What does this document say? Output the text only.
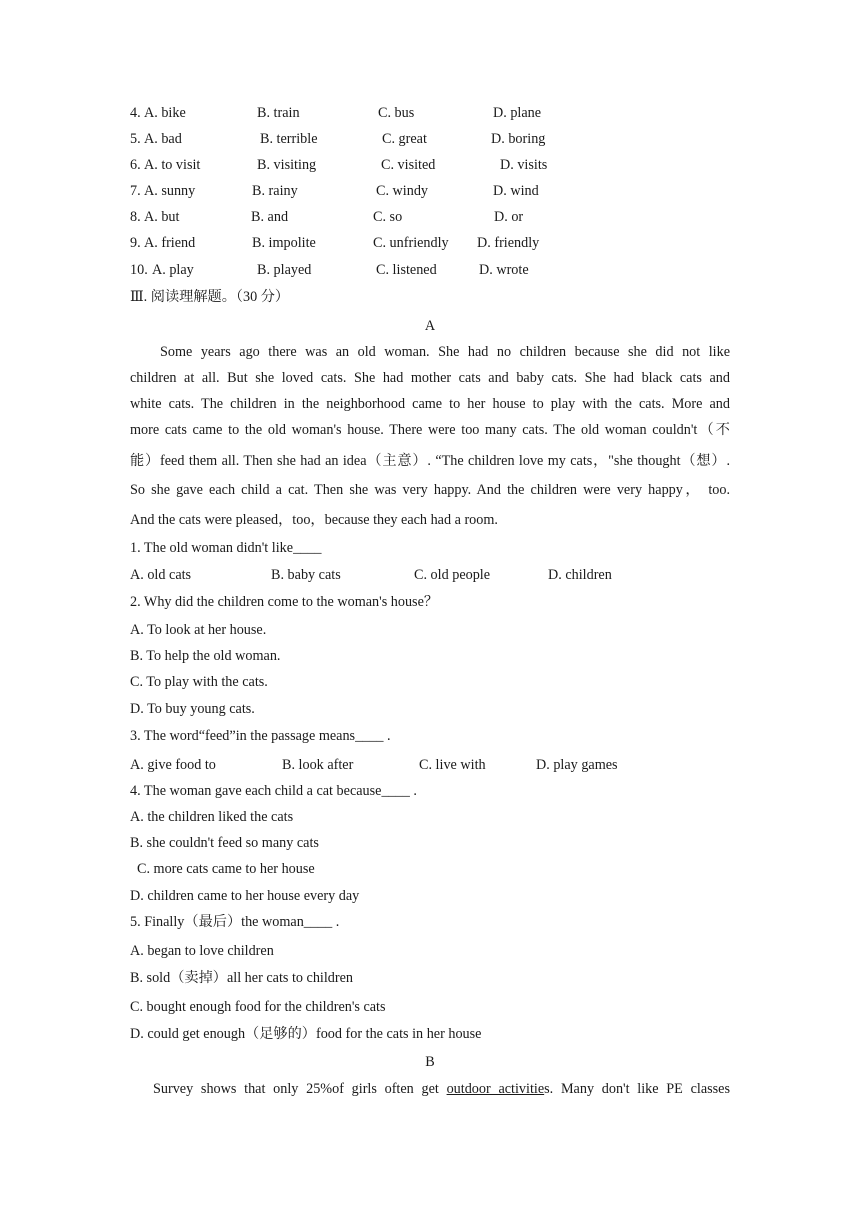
4. A. bike	B. train	C. bus	D. plane
5. A. bad	B. terrible	C. great	D. boring
6. A. to visit	B. visiting	C. visited	D. visits
7. A. sunny	B. rainy	C. windy	D. wind
8. A. but	B. and	C. so	D. or
9. A. friend	B. impolite	C. unfriendly D. friendly
10. A. play	B. played	C. listened	D. wrote
Ⅲ. 阅读理解题。（30 分）
A
Some years ago there was an old woman. She had no children because she did not like
children at all. But she loved cats. She had mother cats and baby cats. She had black cats and
white cats. The children in the neighborhood came to her house to play with the cats. More and
more cats came to the old woman's house. There were too many cats. The old woman couldn't（不
能）feed them all. Then she had an idea（主意）. “The children love my cats，"she thought（想）.
So she gave each child a cat. Then she was very happy. And the children were very happy， too.
And the cats were pleased，too，because they each had a room.
1. The old woman didn't like____
A. old cats	B. baby cats	C. old people	D. children
2. Why did the children come to the woman's house？
A. To look at her house.
B. To help the old woman.
C. To play with the cats.
D. To buy young cats.
3. The word“feed”in the passage means____ .
A. give food to	B. look after	C. live with	D. play games
4. The woman gave each child a cat because____ .
A. the children liked the cats
B. she couldn't feed so many cats
C. more cats came to her house
D. children came to her house every day
5. Finally（最后）the woman____ .
A. began to love children
B. sold（卖掉）all her cats to children
C. bought enough food for the children's cats
D. could get enough（足够的）food for the cats in her house
B
Survey shows that only 25%of girls often get outdoor activities. Many don't like PE classes
